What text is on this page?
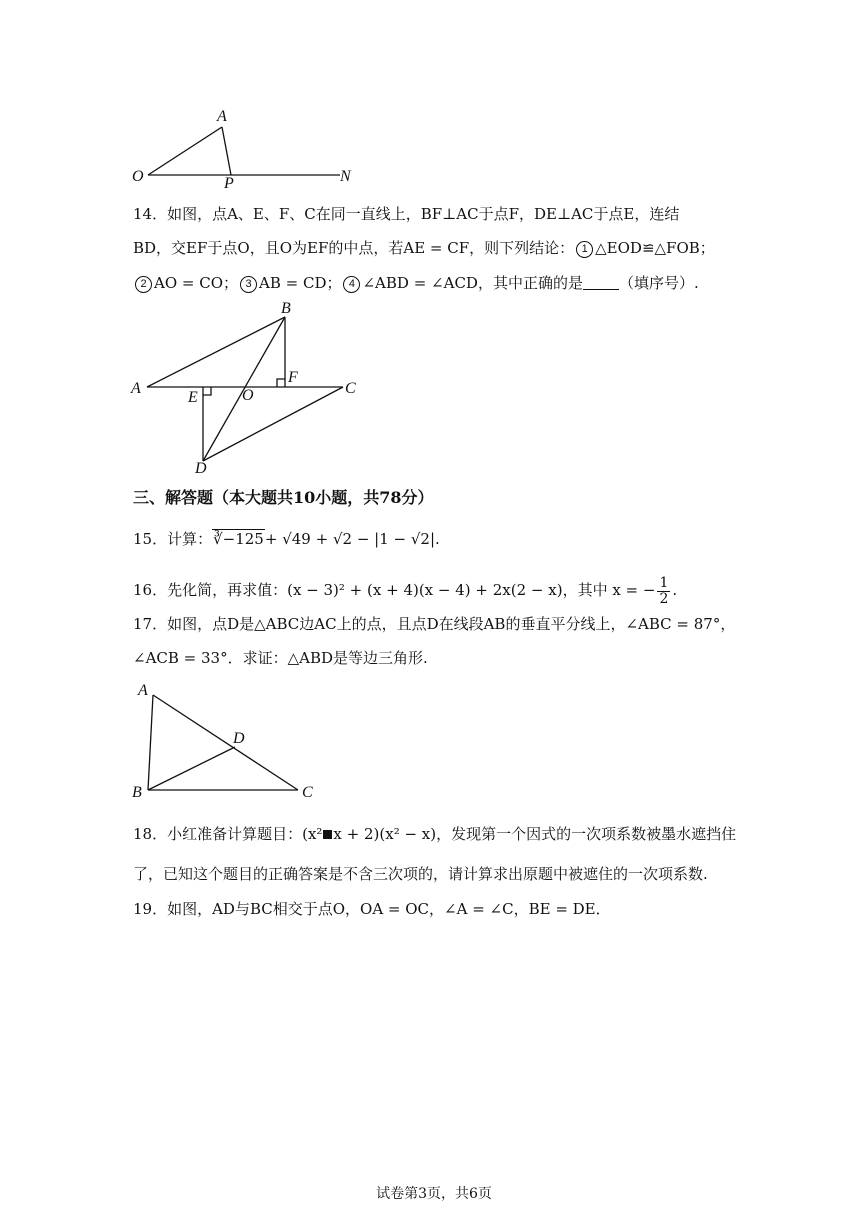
A
O	P	N
14．如图，点A、E、F、C在同一直线上，BF⊥AC于点F，DE⊥AC于点E，连结
BD，交EF于点O，且O为EF的中点，若AE = CF，则下列结论： 1 △EOD≌△FOB；
2 AO = CO； 3 AB = CD； 4 ∠ABD = ∠ACD，其中正确的是 （填序号）.
B
A	C
F
E	O
D
三、解答题（本大题共10小题，共78分）
15．计算：∛−125+ √49 + √2 − |1 − √2|.
16．先化简，再求值：(x − 3)² + (x + 4)(x − 4) + 2x(2 − x)，其中 x = − $\frac{1}{2}$ .
17．如图，点D是△ABC边AC上的点，且点D在线段AB的垂直平分线上，∠ABC = 87°，
∠ACB = 33°．求证：△ABD是等边三角形.
A
D
B	C
18．小红准备计算题目：(x² x + 2)(x² − x)，发现第一个因式的一次项系数被墨水遮挡住
了，已知这个题目的正确答案是不含三次项的，请计算求出原题中被遮住的一次项系数.
19．如图，AD与BC相交于点O，OA = OC，∠A = ∠C，BE = DE．
试卷第3页，共6页
